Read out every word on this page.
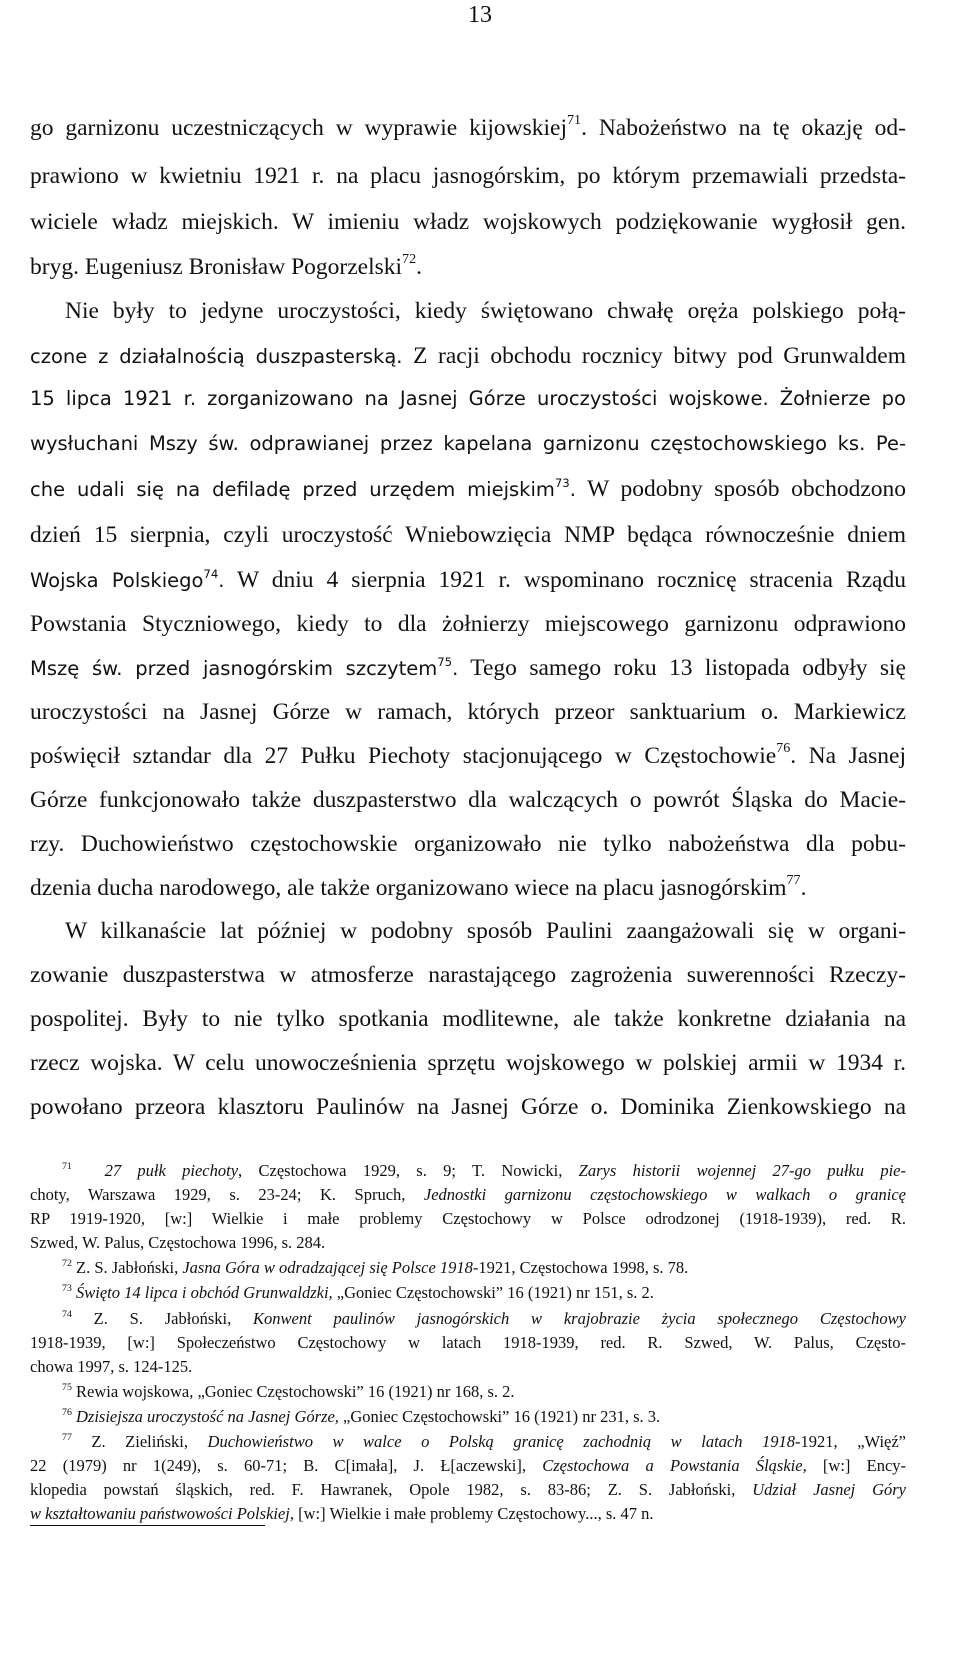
13
go garnizonu uczestniczących w wyprawie kijowskiej$^{71}$. Nabożeństwo na tę okazję od-
prawiono w kwietniu 1921 r. na placu jasnogórskim, po którym przemawiali przedsta-
wiciele władz miejskich. W imieniu władz wojskowych podziękowanie wygłosił gen.
bryg. Eugeniusz Bronisław Pogorzelski$^{72}$.
Nie były to jedyne uroczystości, kiedy świętowano chwałę oręża polskiego połą-
czone z działalnością duszpasterską. Z racji obchodu rocznicy bitwy pod Grunwaldem
15 lipca 1921 r. zorganizowano na Jasnej Górze uroczystości wojskowe. Żołnierze po
wysłuchani Mszy św. odprawianej przez kapelana garnizonu częstochowskiego ks. Pe-
che udali się na defiladę przed urzędem miejskim$^{73}$. W podobny sposób obchodzono
dzień 15 sierpnia, czyli uroczystość Wniebowzięcia NMP będąca równocześnie dniem
Wojska Polskiego$^{74}$. W dniu 4 sierpnia 1921 r. wspominano rocznicę stracenia Rządu
Powstania Styczniowego, kiedy to dla żołnierzy miejscowego garnizonu odprawiono
Mszę św. przed jasnogórskim szczytem$^{75}$. Tego samego roku 13 listopada odbyły się
uroczystości na Jasnej Górze w ramach, których przeor sanktuarium o. Markiewicz
poświęcił sztandar dla 27 Pułku Piechoty stacjonującego w Częstochowie$^{76}$. Na Jasnej
Górze funkcjonowało także duszpasterstwo dla walczących o powrót Śląska do Macie-
rzy. Duchowieństwo częstochowskie organizowało nie tylko nabożeństwa dla pobu-
dzenia ducha narodowego, ale także organizowano wiece na placu jasnogórskim$^{77}$.
W kilkanaście lat później w podobny sposób Paulini zaangażowali się w organi-
zowanie duszpasterstwa w atmosferze narastającego zagrożenia suwerenności Rzeczy-
pospolitej. Były to nie tylko spotkania modlitewne, ale także konkretne działania na
rzecz wojska. W celu unowocześnienia sprzętu wojskowego w polskiej armii w 1934 r.
powołano przeora klasztoru Paulinów na Jasnej Górze o. Dominika Zienkowskiego na
$^{71}$ 27 pułk piechoty, Częstochowa 1929, s. 9; T. Nowicki, Zarys historii wojennej 27-go pułku pie-
choty, Warszawa 1929, s. 23-24; K. Spruch, Jednostki garnizonu częstochowskiego w walkach o granicę
RP 1919-1920, [w:] Wielkie i małe problemy Częstochowy w Polsce odrodzonej (1918-1939), red. R.
Szwed, W. Palus, Częstochowa 1996, s. 284.
$^{72}$ Z. S. Jabłoński, Jasna Góra w odradzającej się Polsce 1918-1921, Częstochowa 1998, s. 78.
$^{73}$ Święto 14 lipca i obchód Grunwaldzki, „Goniec Częstochowski” 16 (1921) nr 151, s. 2.
$^{74}$ Z. S. Jabłoński, Konwent paulinów jasnogórskich w krajobrazie życia społecznego Częstochowy
1918-1939, [w:] Społeczeństwo Częstochowy w latach 1918-1939, red. R. Szwed, W. Palus, Często-
chowa 1997, s. 124-125.
$^{75}$ Rewia wojskowa, „Goniec Częstochowski” 16 (1921) nr 168, s. 2.
$^{76}$ Dzisiejsza uroczystość na Jasnej Górze, „Goniec Częstochowski” 16 (1921) nr 231, s. 3.
$^{77}$ Z. Zieliński, Duchowieństwo w walce o Polską granicę zachodnią w latach 1918-1921, „Więź”
22 (1979) nr 1(249), s. 60-71; B. C[imała], J. Ł[aczewski], Częstochowa a Powstania Śląskie, [w:] Ency-
klopedia powstań śląskich, red. F. Hawranek, Opole 1982, s. 83-86; Z. S. Jabłoński, Udział Jasnej Góry
w kształtowaniu państwowości Polskiej, [w:] Wielkie i małe problemy Częstochowy..., s. 47 n.
